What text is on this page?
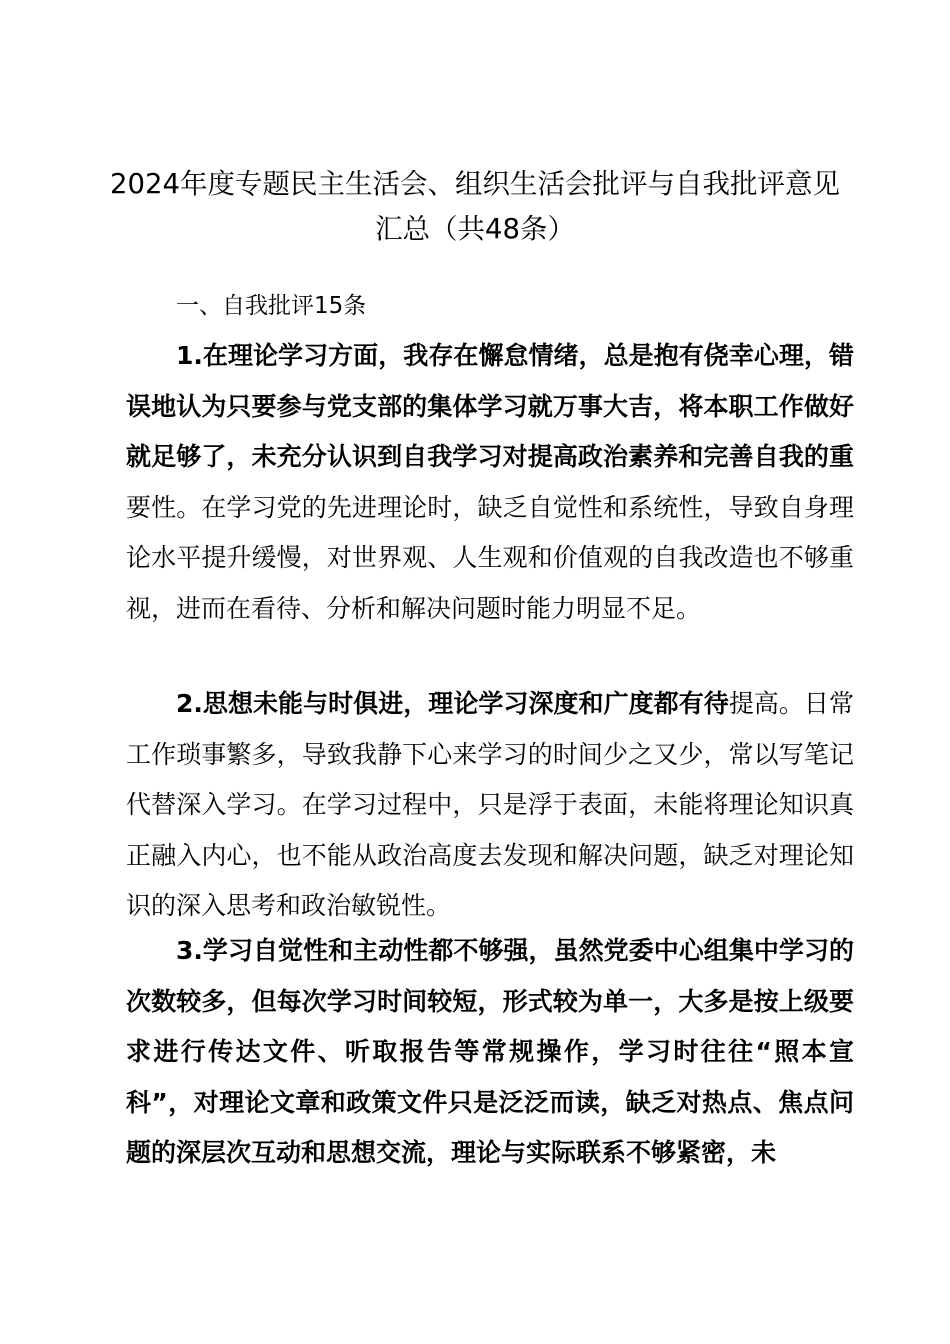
2024年度专题民主生活会、组织生活会批评与自我批评意见汇总（共48条）

一、自我批评15条

1.在理论学习方面，我存在懈怠情绪，总是抱有侥幸心理，错误地认为只要参与党支部的集体学习就万事大吉，将本职工作做好就足够了，未充分认识到自我学习对提高政治素养和完善自我的重要性。在学习党的先进理论时，缺乏自觉性和系统性，导致自身理论水平提升缓慢，对世界观、人生观和价值观的自我改造也不够重视，进而在看待、分析和解决问题时能力明显不足。

2.思想未能与时俱进，理论学习深度和广度都有待提高。日常工作琐事繁多，导致我静下心来学习的时间少之又少，常以写笔记代替深入学习。在学习过程中，只是浮于表面，未能将理论知识真正融入内心，也不能从政治高度去发现和解决问题，缺乏对理论知识的深入思考和政治敏锐性。

3.学习自觉性和主动性都不够强，虽然党委中心组集中学习的次数较多，但每次学习时间较短，形式较为单一，大多是按上级要求进行传达文件、听取报告等常规操作，学习时往往“照本宣科”，对理论文章和政策文件只是泛泛而读，缺乏对热点、焦点问题的深层次互动和思想交流，理论与实际联系不够紧密，未
